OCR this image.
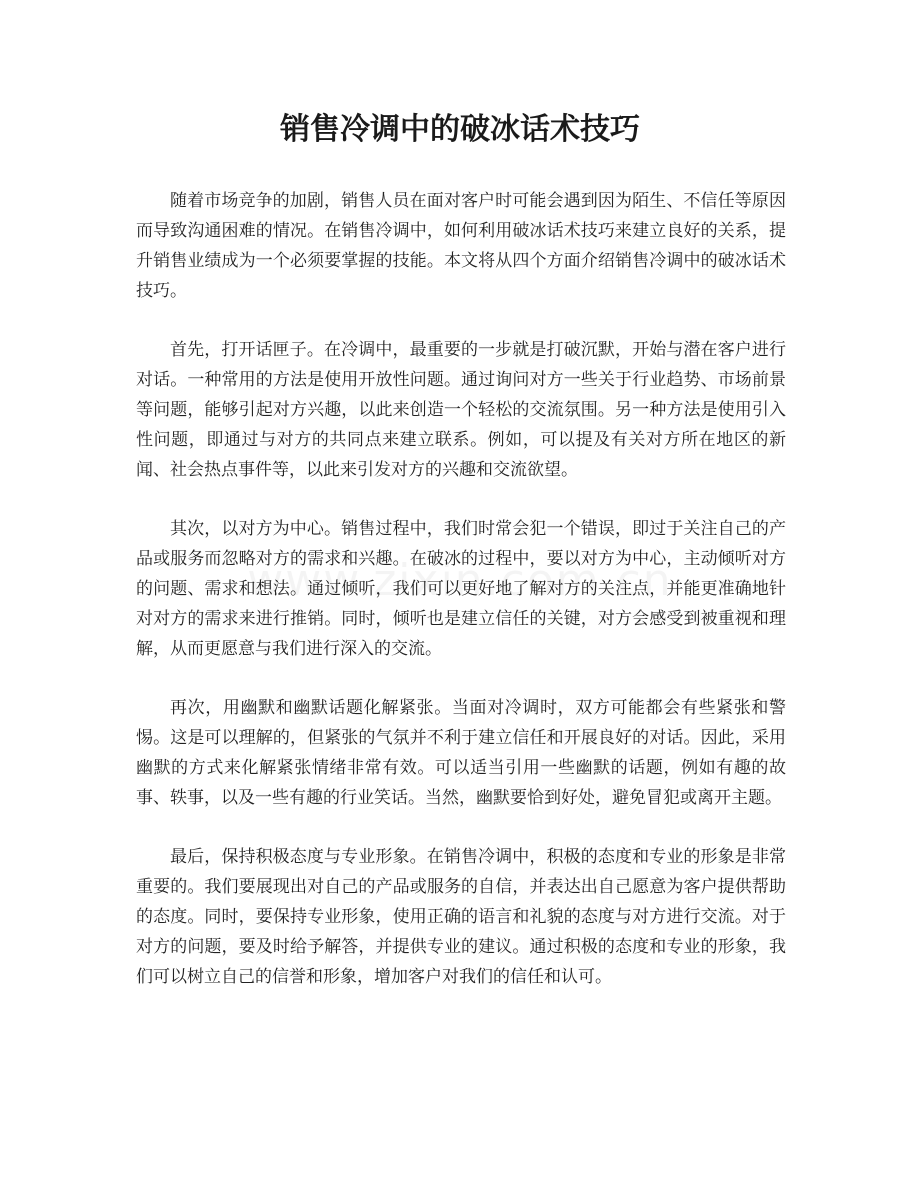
销售冷调中的破冰话术技巧

随着市场竞争的加剧，销售人员在面对客户时可能会遇到因为陌生、不信任等原因而导致沟通困难的情况。在销售冷调中，如何利用破冰话术技巧来建立良好的关系，提升销售业绩成为一个必须要掌握的技能。本文将从四个方面介绍销售冷调中的破冰话术技巧。

首先，打开话匣子。在冷调中，最重要的一步就是打破沉默，开始与潜在客户进行对话。一种常用的方法是使用开放性问题。通过询问对方一些关于行业趋势、市场前景等问题，能够引起对方兴趣，以此来创造一个轻松的交流氛围。另一种方法是使用引入性问题，即通过与对方的共同点来建立联系。例如，可以提及有关对方所在地区的新闻、社会热点事件等，以此来引发对方的兴趣和交流欲望。

其次，以对方为中心。销售过程中，我们时常会犯一个错误，即过于关注自己的产品或服务而忽略对方的需求和兴趣。在破冰的过程中，要以对方为中心，主动倾听对方的问题、需求和想法。通过倾听，我们可以更好地了解对方的关注点，并能更准确地针对对方的需求来进行推销。同时，倾听也是建立信任的关键，对方会感受到被重视和理解，从而更愿意与我们进行深入的交流。

再次，用幽默和幽默话题化解紧张。当面对冷调时，双方可能都会有些紧张和警惕。这是可以理解的，但紧张的气氛并不利于建立信任和开展良好的对话。因此，采用幽默的方式来化解紧张情绪非常有效。可以适当引用一些幽默的话题，例如有趣的故事、轶事，以及一些有趣的行业笑话。当然，幽默要恰到好处，避免冒犯或离开主题。

最后，保持积极态度与专业形象。在销售冷调中，积极的态度和专业的形象是非常重要的。我们要展现出对自己的产品或服务的自信，并表达出自己愿意为客户提供帮助的态度。同时，要保持专业形象，使用正确的语言和礼貌的态度与对方进行交流。对于对方的问题，要及时给予解答，并提供专业的建议。通过积极的态度和专业的形象，我们可以树立自己的信誉和形象，增加客户对我们的信任和认可。
